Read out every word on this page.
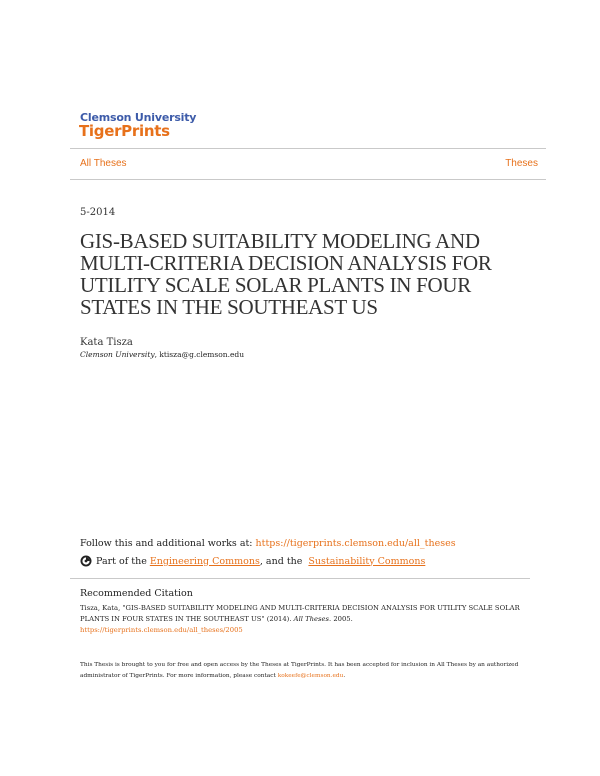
Clemson University
TigerPrints
All Theses	Theses
5-2014
GIS-BASED SUITABILITY MODELING AND MULTI-CRITERIA DECISION ANALYSIS FOR UTILITY SCALE SOLAR PLANTS IN FOUR STATES IN THE SOUTHEAST US
Kata Tisza
Clemson University, ktisza@g.clemson.edu
Follow this and additional works at: https://tigerprints.clemson.edu/all_theses
Part of the Engineering Commons , and the Sustainability Commons
Recommended Citation
Tisza, Kata, "GIS-BASED SUITABILITY MODELING AND MULTI-CRITERIA DECISION ANALYSIS FOR UTILITY SCALE SOLAR PLANTS IN FOUR STATES IN THE SOUTHEAST US" (2014). All Theses. 2005.
https://tigerprints.clemson.edu/all_theses/2005
This Thesis is brought to you for free and open access by the Theses at TigerPrints. It has been accepted for inclusion in All Theses by an authorized administrator of TigerPrints. For more information, please contact kokeefe@clemson.edu.
